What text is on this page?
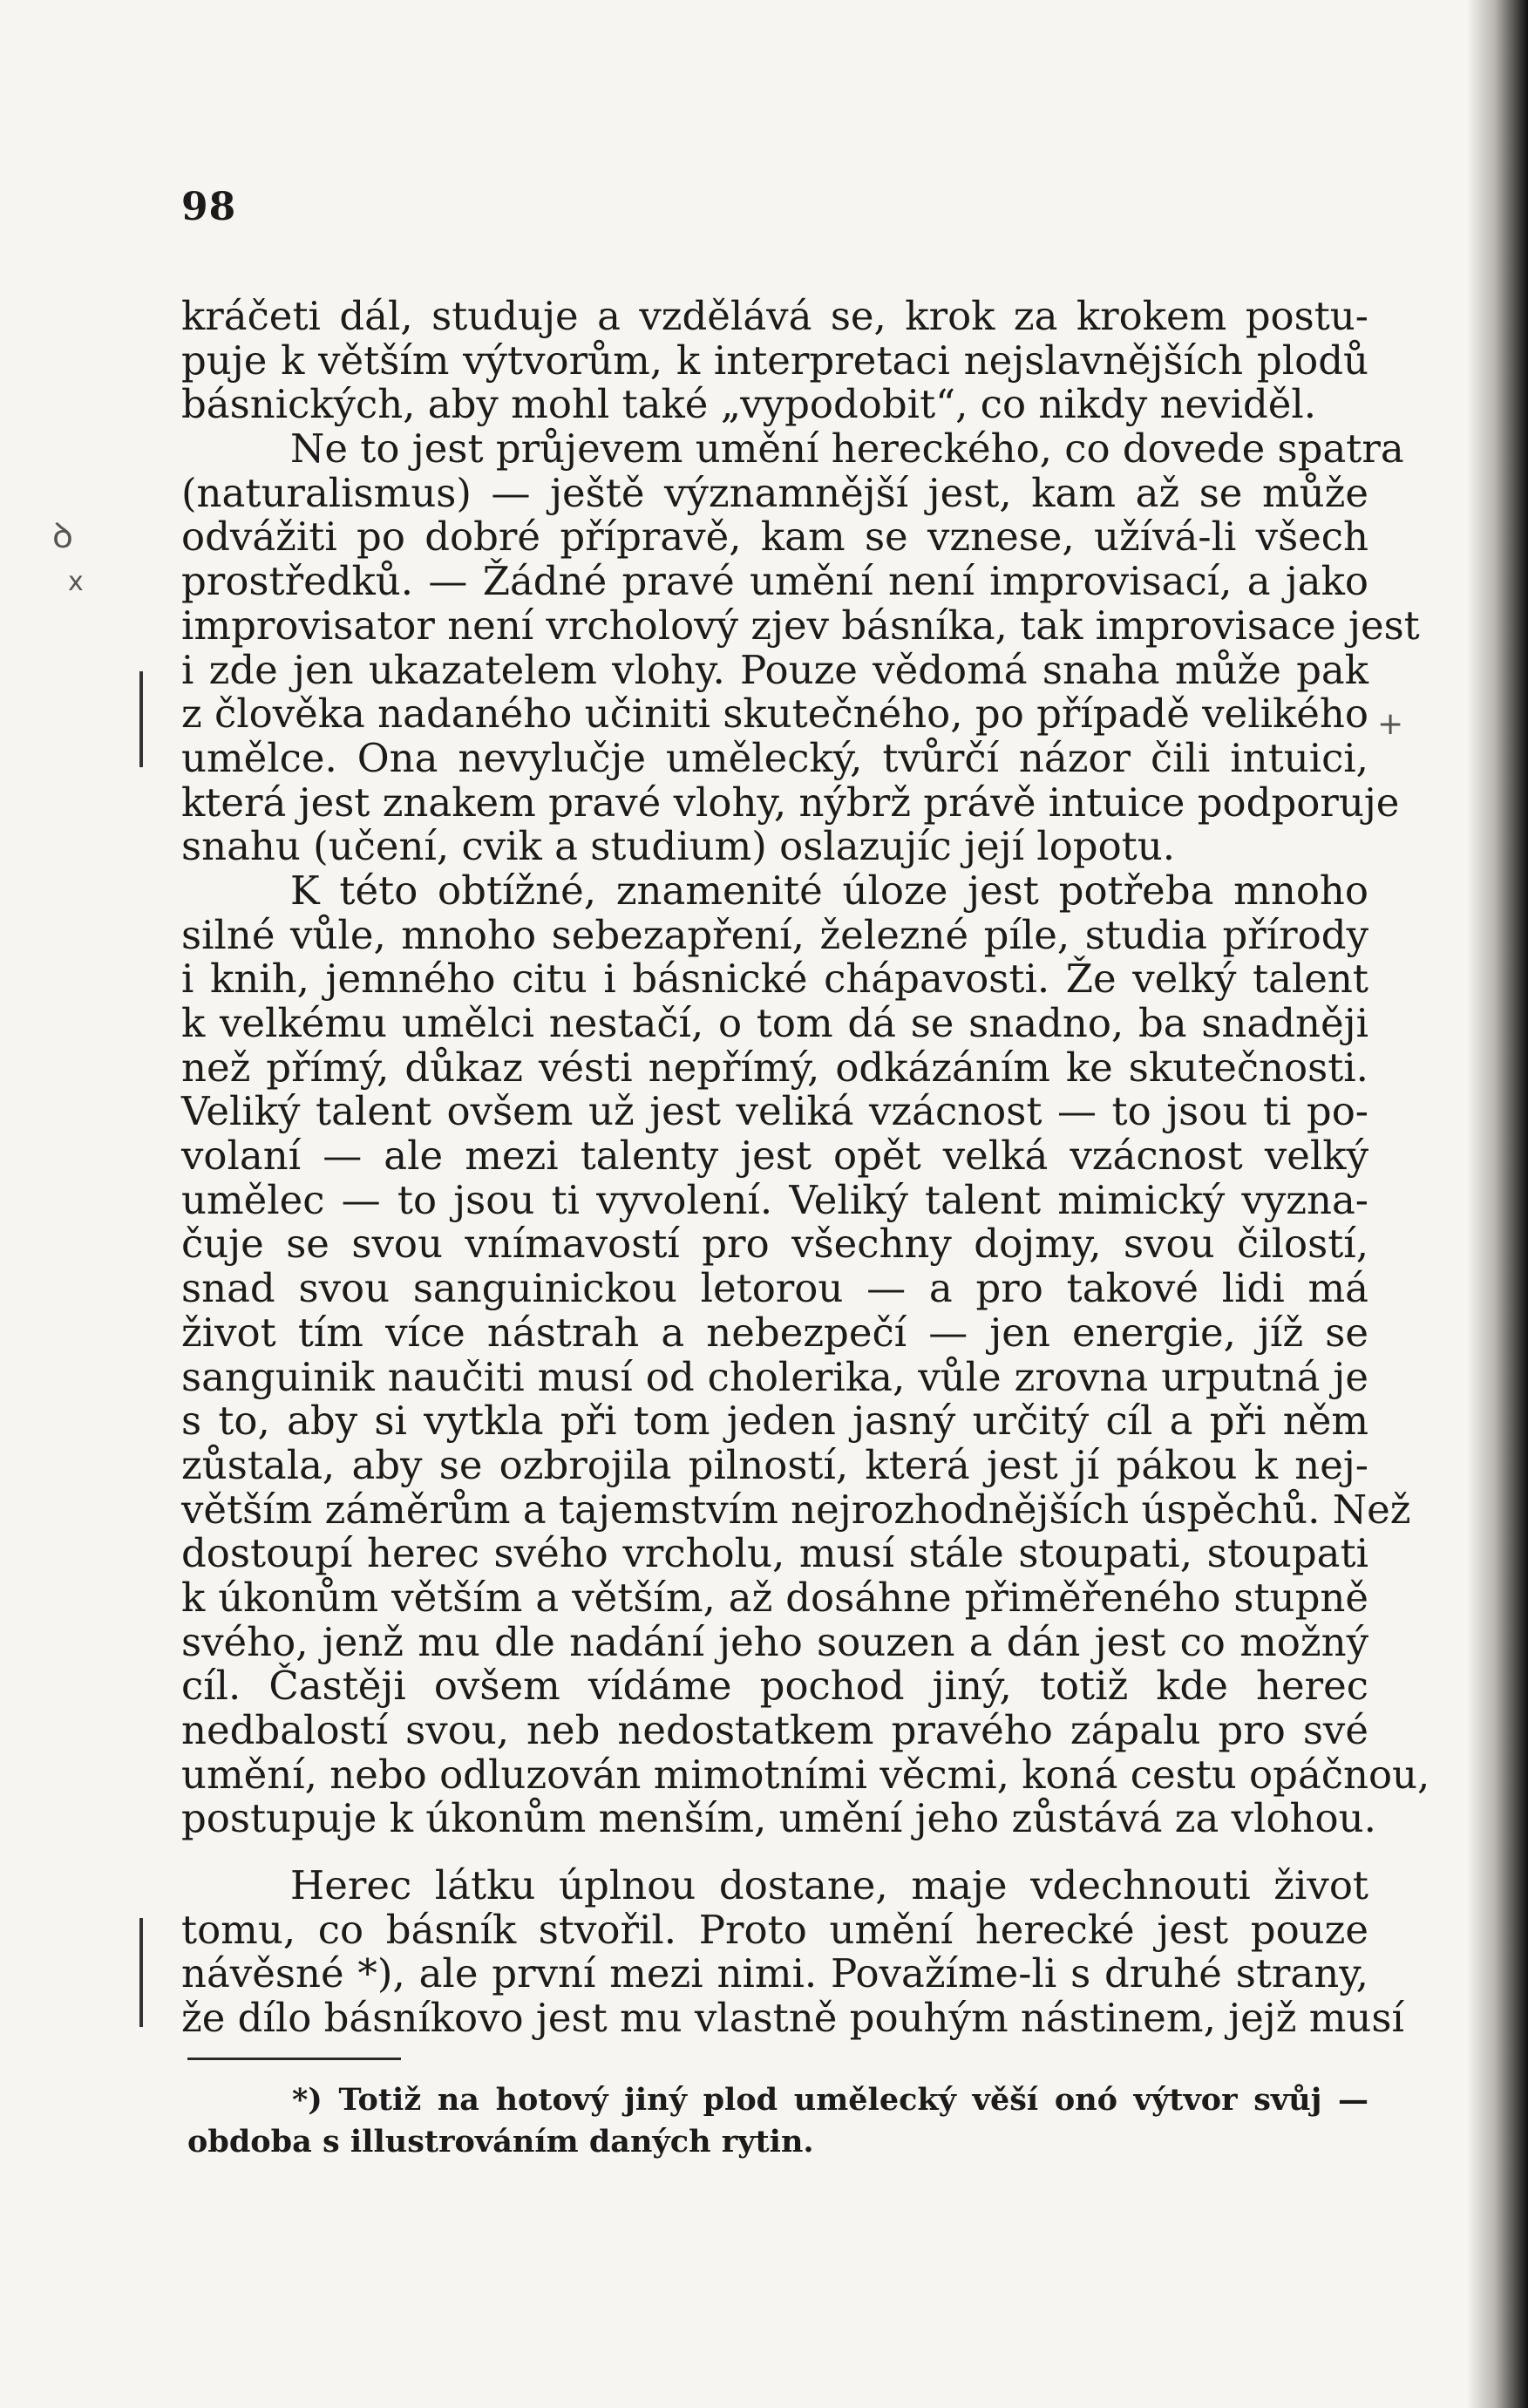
98
kráčeti dál, studuje a vzdělává se, krok za krokem postu-
puje k větším výtvorům, k interpretaci nejslavnějších plodů
básnických, aby mohl také „vypodobit“, co nikdy neviděl.
Ne to jest průjevem umění hereckého, co dovede spatra
(naturalismus) — ještě významnější jest, kam až se může
odvážiti po dobré přípravě, kam se vznese, užívá-li všech
prostředků. — Žádné pravé umění není improvisací, a jako
improvisator není vrcholový zjev básníka, tak improvisace jest
i zde jen ukazatelem vlohy. Pouze vědomá snaha může pak
z člověka nadaného učiniti skutečného, po případě velikého
umělce. Ona nevylučje umělecký, tvůrčí názor čili intuici,
která jest znakem pravé vlohy, nýbrž právě intuice podporuje
snahu (učení, cvik a studium) oslazujíc její lopotu.
K této obtížné, znamenité úloze jest potřeba mnoho
silné vůle, mnoho sebezapření, železné píle, studia přírody
i knih, jemného citu i básnické chápavosti. Že velký talent
k velkému umělci nestačí, o tom dá se snadno, ba snadněji
než přímý, důkaz vésti nepřímý, odkázáním ke skutečnosti.
Veliký talent ovšem už jest veliká vzácnost — to jsou ti po-
volaní — ale mezi talenty jest opět velká vzácnost velký
umělec — to jsou ti vyvolení. Veliký talent mimický vyzna-
čuje se svou vnímavostí pro všechny dojmy, svou čilostí,
snad svou sanguinickou letorou — a pro takové lidi má
život tím více nástrah a nebezpečí — jen energie, jíž se
sanguinik naučiti musí od cholerika, vůle zrovna urputná je
s to, aby si vytkla při tom jeden jasný určitý cíl a při něm
zůstala, aby se ozbrojila pilností, která jest jí pákou k nej-
větším záměrům a tajemstvím nejrozhodnějších úspěchů. Než
dostoupí herec svého vrcholu, musí stále stoupati, stoupati
k úkonům větším a větším, až dosáhne přiměřeného stupně
svého, jenž mu dle nadání jeho souzen a dán jest co možný
cíl. Častěji ovšem vídáme pochod jiný, totiž kde herec
nedbalostí svou, neb nedostatkem pravého zápalu pro své
umění, nebo odluzován mimotními věcmi, koná cestu opáčnou,
postupuje k úkonům menším, umění jeho zůstává za vlohou.
Herec látku úplnou dostane, maje vdechnouti život
tomu, co básník stvořil. Proto umění herecké jest pouze
návěsné *), ale první mezi nimi. Považíme-li s druhé strany,
že dílo básníkovo jest mu vlastně pouhým nástinem, jejž musí
*) Totiž na hotový jiný plod umělecký věší onó výtvor svůj —
obdoba s illustrováním daných rytin.
ꝺ
x
+
